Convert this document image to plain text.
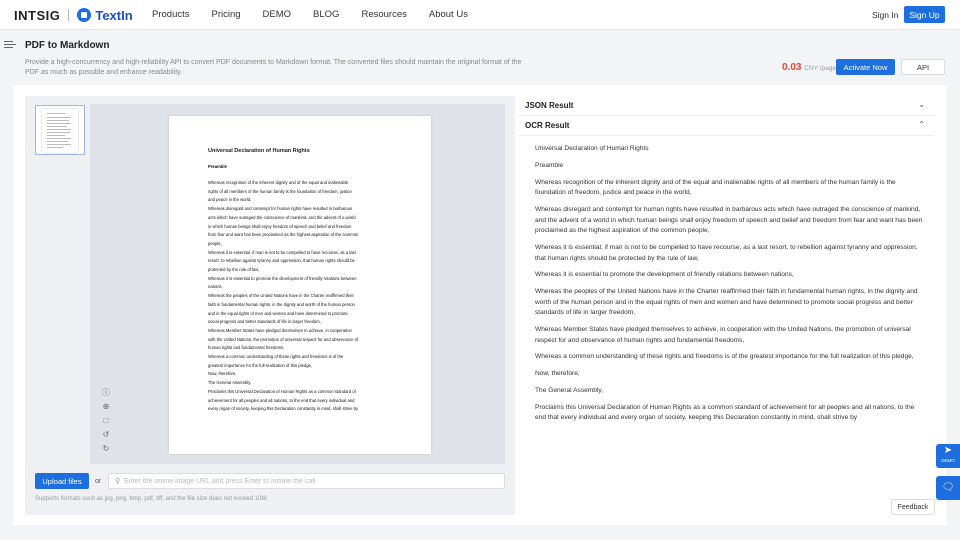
INTSIG	TextIn Products Pricing DEMO BLOG Resources About Us	Sign In	Sign Up
PDF to Markdown
Provide a high-concurrency and high-reliability API to convert PDF documents to Markdown format. The converted files should maintain the original format of the PDF as much as possible and enhance readability.	0.03 CNY /page	Activate Now	API
Universal Declaration of Human Rights
Preamble
Whereas recognition of the inherent dignity and of the equal and inalienable
rights of all members of the human family is the foundation of freedom, justice
and peace in the world,
Whereas disregard and contempt for human rights have resulted in barbarous
acts which have outraged the conscience of mankind, and the advent of a world
in which human beings shall enjoy freedom of speech and belief and freedom
from fear and want has been proclaimed as the highest aspiration of the common
people,
Whereas it is essential, if man is not to be compelled to have recourse, as a last
resort, to rebellion against tyranny and oppression, that human rights should be
protected by the rule of law,
Whereas it is essential to promote the development of friendly relations between
nations,
Whereas the peoples of the United Nations have in the Charter reaffirmed their
faith in fundamental human rights, in the dignity and worth of the human person
and in the equal rights of men and women and have determined to promote
social progress and better standards of life in larger freedom,
Whereas Member States have pledged themselves to achieve, in cooperation
with the United Nations, the promotion of universal respect for and observance of
human rights and fundamental freedoms,
Whereas a common understanding of these rights and freedoms is of the
greatest importance for the full realization of this pledge,
Now, therefore,
The General Assembly,
Proclaims this Universal Declaration of Human Rights as a common standard of
achievement for all peoples and all nations, to the end that every individual and
every organ of society, keeping this Declaration constantly in mind, shall strive by
ⓘ
⊕
□
↺
↻
Upload files	or ⚲
Enter the online image URL and press Enter to initiate the call
Supports formats such as jpg, png, bmp, pdf, tiff, and the file size does not exceed 10M.
JSON Result	⌄
OCR Result	⌃

Universal Declaration of Human Rights

Preamble

Whereas recognition of the inherent dignity and of the equal and inalienable rights of all members of the human family is the foundation of freedom, justice and peace in the world,

Whereas disregard and contempt for human rights have resulted in barbarous acts which have outraged the conscience of mankind, and the advent of a world in which human beings shall enjoy freedom of speech and belief and freedom from fear and want has been proclaimed as the highest aspiration of the common people,

Whereas it is essential, if man is not to be compelled to have recourse, as a last resort, to rebellion against tyranny and oppression, that human rights should be protected by the rule of law,

Whereas it is essential to promote the development of friendly relations between nations,

Whereas the peoples of the United Nations have in the Charter reaffirmed their faith in fundamental human rights, in the dignity and worth of the human person and in the equal rights of men and women and have determined to promote social progress and better standards of life in larger freedom,

Whereas Member States have pledged themselves to achieve, in cooperation with the United Nations, the promotion of universal respect for and observance of human rights and fundamental freedoms,

Whereas a common understanding of these rights and freedoms is of the greatest importance for the full realization of this pledge,

Now, therefore,

The General Assembly,

Proclaims this Universal Declaration of Human Rights as a common standard of achievement for all peoples and all nations, to the end that every individual and every organ of society, keeping this Declaration constantly in mind, shall strive by

Feedback
➤
DEMO
🗨
